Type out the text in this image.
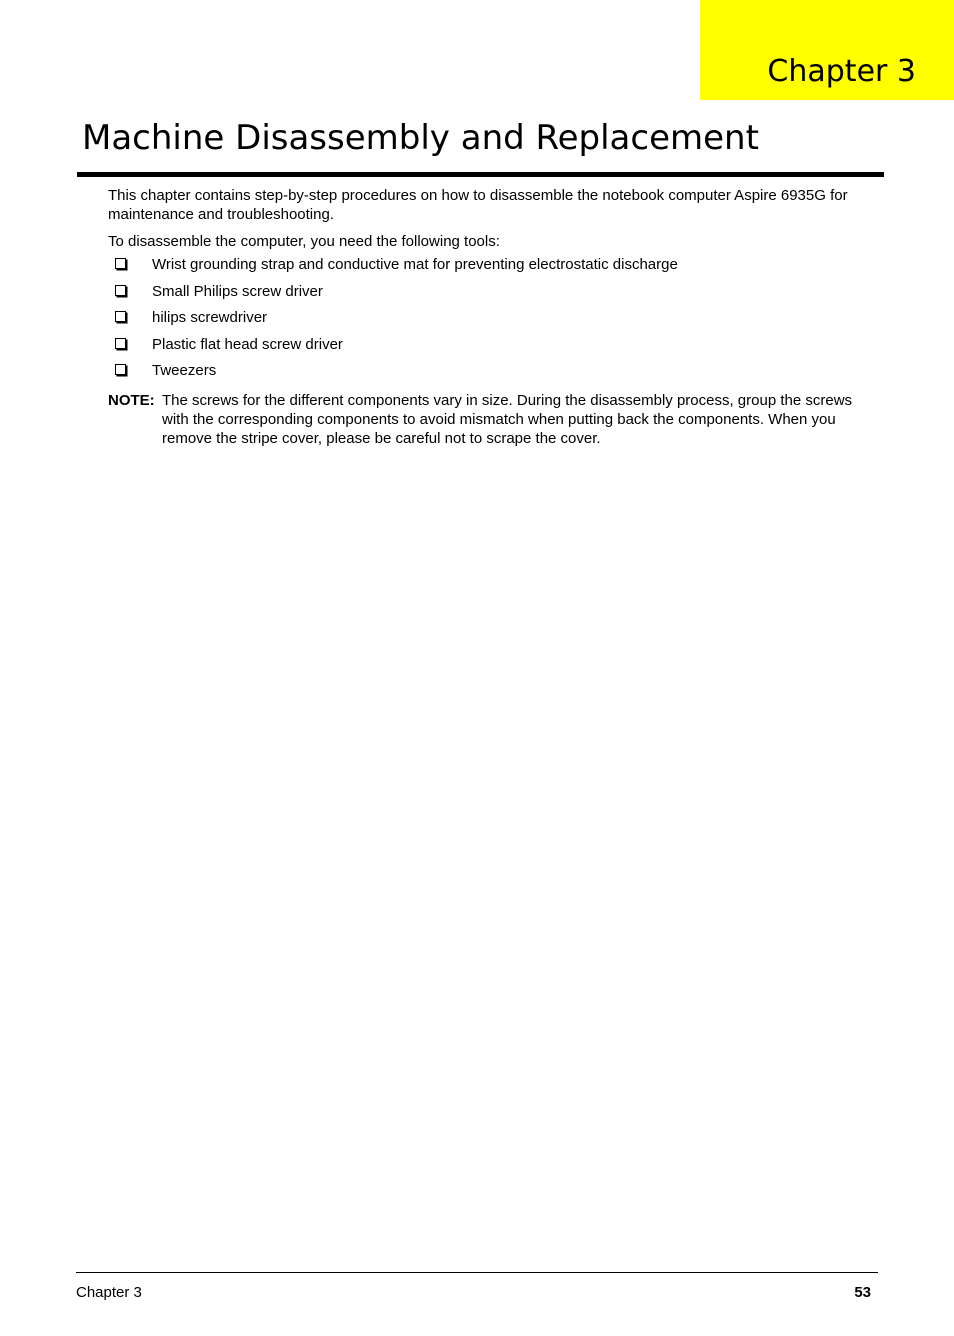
Chapter 3
Machine Disassembly and Replacement

This chapter contains step-by-step procedures on how to disassemble the notebook computer Aspire 6935G for maintenance and troubleshooting.

To disassemble the computer, you need the following tools:

Wrist grounding strap and conductive mat for preventing electrostatic discharge
Small Philips screw driver
hilips screwdriver
Plastic flat head screw driver
Tweezers
NOTE: The screws for the different components vary in size. During the disassembly process, group the screws with the corresponding components to avoid mismatch when putting back the components. When you remove the stripe cover, please be careful not to scrape the cover.
Chapter 3	53
